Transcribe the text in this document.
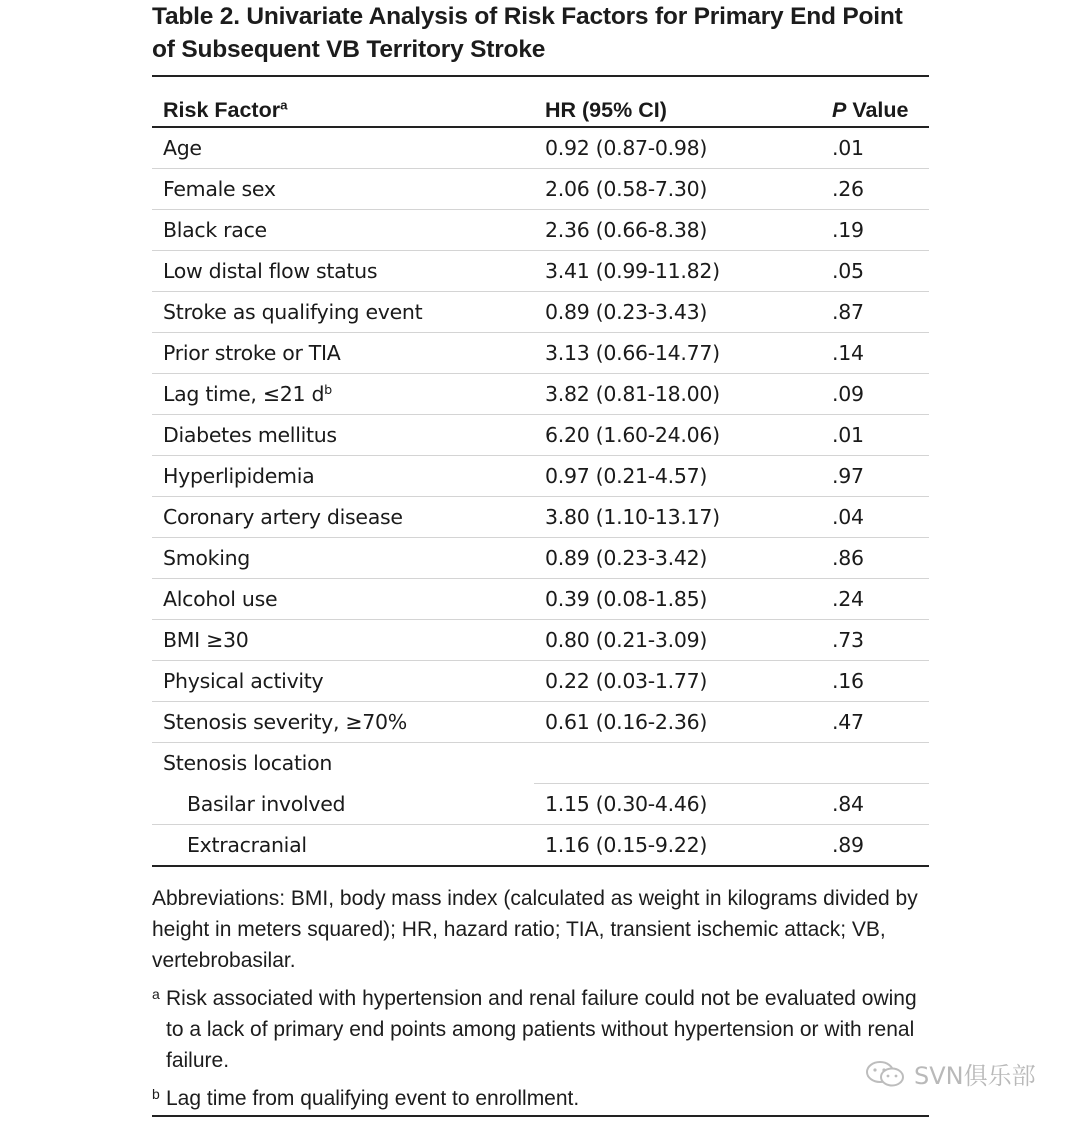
Table 2. Univariate Analysis of Risk Factors for Primary End Point
of Subsequent VB Territory Stroke
Risk Factor$^a$	HR (95% CI)	P Value
Age	0.92 (0.87-0.98)	.01
Female sex	2.06 (0.58-7.30)	.26
Black race	2.36 (0.66-8.38)	.19
Low distal flow status	3.41 (0.99-11.82)	.05
Stroke as qualifying event	0.89 (0.23-3.43)	.87
Prior stroke or TIA	3.13 (0.66-14.77)	.14
Lag time, ≤21 $d^b$	3.82 (0.81-18.00)	.09
Diabetes mellitus	6.20 (1.60-24.06)	.01
Hyperlipidemia	0.97 (0.21-4.57)	.97
Coronary artery disease	3.80 (1.10-13.17)	.04
Smoking	0.89 (0.23-3.42)	.86
Alcohol use	0.39 (0.08-1.85)	.24
BMI ≥30	0.80 (0.21-3.09)	.73
Physical activity	0.22 (0.03-1.77)	.16
Stenosis severity, ≥70%	0.61 (0.16-2.36)	.47
Stenosis location		
Basilar involved	1.15 (0.30-4.46)	.84
Extracranial	1.16 (0.15-9.22)	.89

Abbreviations: BMI, body mass index (calculated as weight in kilograms divided by height in meters squared); HR, hazard ratio; TIA, transient ischemic attack; VB, vertebrobasilar.

a Risk associated with hypertension and renal failure could not be evaluated owing to a lack of primary end points among patients without hypertension or with renal failure.

b Lag time from qualifying event to enrollment.

SVN俱乐部
